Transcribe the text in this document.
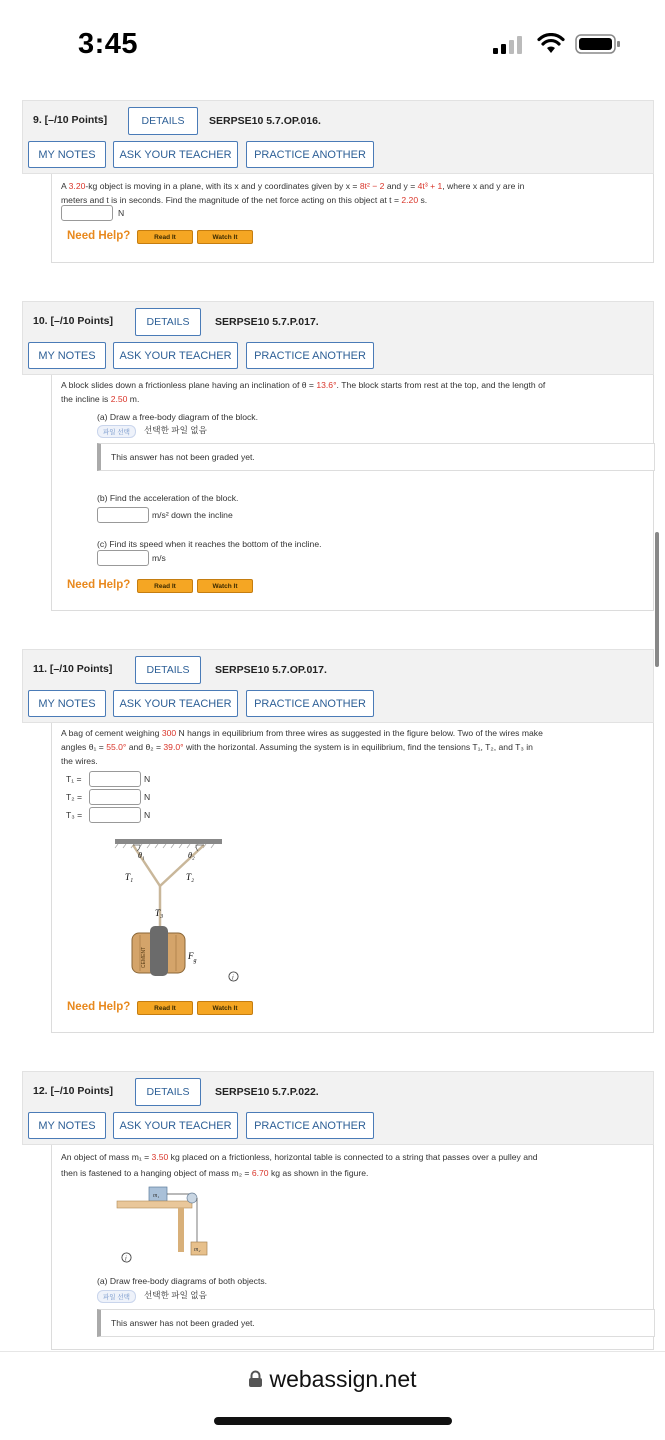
3:45
9. [–/10 Points]	DETAILS	SERPSE10 5.7.OP.016.
MY NOTES	ASK YOUR TEACHER	PRACTICE ANOTHER
A 3.20-kg object is moving in a plane, with its x and y coordinates given by x = 8t² − 2 and y = 4t³ + 1, where x and y are in
meters and t is in seconds. Find the magnitude of the net force acting on this object at t = 2.20 s.
N
Need Help?	Read It	Watch It
10. [–/10 Points]	DETAILS	SERPSE10 5.7.P.017.
MY NOTES	ASK YOUR TEACHER	PRACTICE ANOTHER
A block slides down a frictionless plane having an inclination of θ = 13.6°. The block starts from rest at the top, and the length of
the incline is 2.50 m.
(a) Draw a free-body diagram of the block.
파일 선택	선택한 파일 없음
This answer has not been graded yet.
(b) Find the acceleration of the block.
m/s² down the incline
(c) Find its speed when it reaches the bottom of the incline.
m/s
Need Help?	Read It	Watch It
11. [–/10 Points]	DETAILS	SERPSE10 5.7.OP.017.
MY NOTES	ASK YOUR TEACHER	PRACTICE ANOTHER
A bag of cement weighing 300 N hangs in equilibrium from three wires as suggested in the figure below. Two of the wires make
angles θ₁ = 55.0° and θ₂ = 39.0° with the horizontal. Assuming the system is in equilibrium, find the tensions T₁, T₂, and T₃ in
the wires.
T₁ =	N
T₂ =	N
T₃ =	N
θ₁	θ₂
T₁	T₂
T₃
CEMENT	$F_g$
i
Need Help?	Read It	Watch It
12. [–/10 Points]	DETAILS	SERPSE10 5.7.P.022.
MY NOTES	ASK YOUR TEACHER	PRACTICE ANOTHER
An object of mass m₁ = 3.50 kg placed on a frictionless, horizontal table is connected to a string that passes over a pulley and
then is fastened to a hanging object of mass m₂ = 6.70 kg as shown in the figure.
m₁
m₂
i
(a) Draw free-body diagrams of both objects.
파일 선택	선택한 파일 없음
This answer has not been graded yet.
webassign.net
